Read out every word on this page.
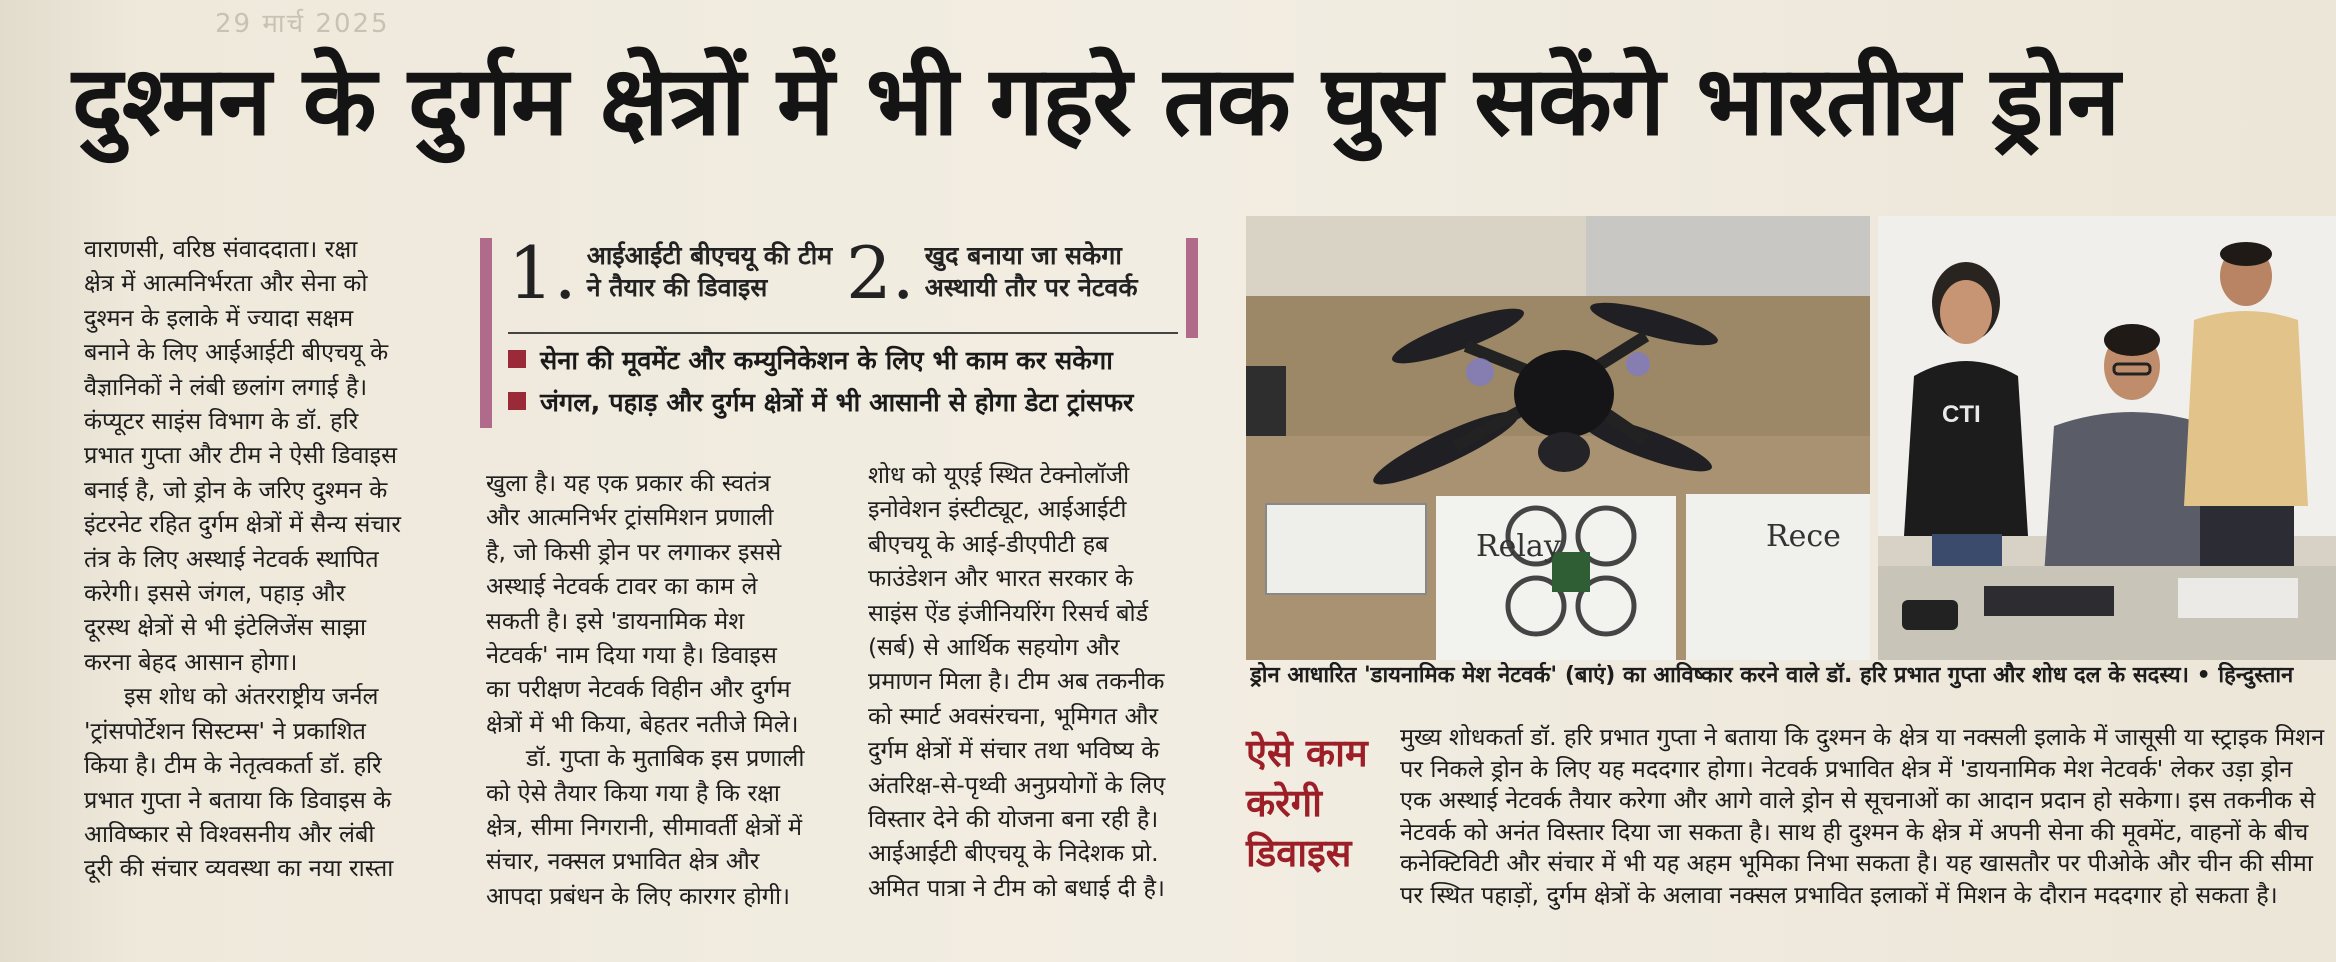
29 मार्च 2025
दुश्मन के दुर्गम क्षेत्रों में भी गहरे तक घुस सकेंगे भारतीय ड्रोन

वाराणसी, वरिष्ठ संवाददाता। रक्षा

क्षेत्र में आत्मनिर्भरता और सेना को

दुश्मन के इलाके में ज्यादा सक्षम

बनाने के लिए आईआईटी बीएचयू के

वैज्ञानिकों ने लंबी छलांग लगाई है।

कंप्यूटर साइंस विभाग के डॉ. हरि

प्रभात गुप्ता और टीम ने ऐसी डिवाइस

बनाई है, जो ड्रोन के जरिए दुश्मन के

इंटरनेट रहित दुर्गम क्षेत्रों में सैन्य संचार

तंत्र के लिए अस्थाई नेटवर्क स्थापित

करेगी। इससे जंगल, पहाड़ और

दूरस्थ क्षेत्रों से भी इंटेलिजेंस साझा

करना बेहद आसान होगा।

इस शोध को अंतरराष्ट्रीय जर्नल

'ट्रांसपोर्टेशन सिस्टम्स' ने प्रकाशित

किया है। टीम के नेतृत्वकर्ता डॉ. हरि

प्रभात गुप्ता ने बताया कि डिवाइस के

आविष्कार से विश्वसनीय और लंबी

दूरी की संचार व्यवस्था का नया रास्ता

1. आईआईटी बीएचयू की टीम ने तैयार की डिवाइस	2. खुद बनाया जा सकेगा अस्थायी तौर पर नेटवर्क
सेना की मूवमेंट और कम्युनिकेशन के लिए भी काम कर सकेगा
जंगल, पहाड़ और दुर्गम क्षेत्रों में भी आसानी से होगा डेटा ट्रांसफर

खुला है। यह एक प्रकार की स्वतंत्र

और आत्मनिर्भर ट्रांसमिशन प्रणाली

है, जो किसी ड्रोन पर लगाकर इससे

अस्थाई नेटवर्क टावर का काम ले

सकती है। इसे 'डायनामिक मेश

नेटवर्क' नाम दिया गया है। डिवाइस

का परीक्षण नेटवर्क विहीन और दुर्गम

क्षेत्रों में भी किया, बेहतर नतीजे मिले।

डॉ. गुप्ता के मुताबिक इस प्रणाली

को ऐसे तैयार किया गया है कि रक्षा

क्षेत्र, सीमा निगरानी, सीमावर्ती क्षेत्रों में

संचार, नक्सल प्रभावित क्षेत्र और

आपदा प्रबंधन के लिए कारगर होगी।

शोध को यूएई स्थित टेक्नोलॉजी

इनोवेशन इंस्टीट्यूट, आईआईटी

बीएचयू के आई-डीएपीटी हब

फाउंडेशन और भारत सरकार के

साइंस ऐंड इंजीनियरिंग रिसर्च बोर्ड

(सर्ब) से आर्थिक सहयोग और

प्रमाणन मिला है। टीम अब तकनीक

को स्मार्ट अवसंरचना, भूमिगत और

दुर्गम क्षेत्रों में संचार तथा भविष्य के

अंतरिक्ष-से-पृथ्वी अनुप्रयोगों के लिए

विस्तार देने की योजना बना रही है।

आईआईटी बीएचयू के निदेशक प्रो.

अमित पात्रा ने टीम को बधाई दी है।

Relay	Rece
CTI
ड्रोन आधारित 'डायनामिक मेश नेटवर्क' (बाएं) का आविष्कार करने वाले डॉ. हरि प्रभात गुप्ता और शोध दल के सदस्य। • हिन्दुस्तान
ऐसे काम
करेगी
डिवाइस

मुख्य शोधकर्ता डॉ. हरि प्रभात गुप्ता ने बताया कि दुश्मन के क्षेत्र या नक्सली इलाके में जासूसी या स्ट्राइक मिशन

पर निकले ड्रोन के लिए यह मददगार होगा। नेटवर्क प्रभावित क्षेत्र में 'डायनामिक मेश नेटवर्क' लेकर उड़ा ड्रोन

एक अस्थाई नेटवर्क तैयार करेगा और आगे वाले ड्रोन से सूचनाओं का आदान प्रदान हो सकेगा। इस तकनीक से

नेटवर्क को अनंत विस्तार दिया जा सकता है। साथ ही दुश्मन के क्षेत्र में अपनी सेना की मूवमेंट, वाहनों के बीच

कनेक्टिविटी और संचार में भी यह अहम भूमिका निभा सकता है। यह खासतौर पर पीओके और चीन की सीमा

पर स्थित पहाड़ों, दुर्गम क्षेत्रों के अलावा नक्सल प्रभावित इलाकों में मिशन के दौरान मददगार हो सकता है।
